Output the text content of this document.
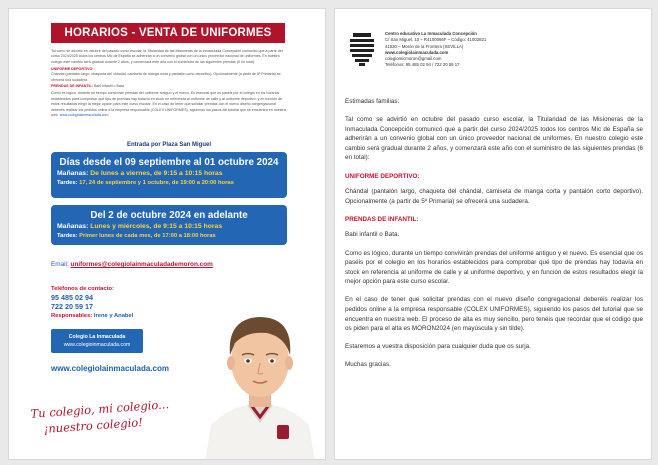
HORARIOS - VENTA DE UNIFORMES

Tal como se advirtió en octubre del pasado curso escolar, la Titularidad de las Misioneras de la Inmaculada Concepción comunicó que a partir del curso 2024/2025 todos los centros Mic de España se adherirán a un convenio global con un único proveedor nacional de uniformes. En nuestro colegio este cambio será gradual durante 2 años, y comenzará este año con el suministro de las siguientes prendas (6 en total):

UNIFORME DEPORTIVO:
Chándal (pantalón largo, chaqueta del chándal, camiseta de manga corta y pantalón corto deportivo). Opcionalmente (a partir de 5º Primaria) se ofrecerá una sudadera.

PRENDAS DE INFANTIL: Babi infantil o Bata.

Como es lógico, durante un tiempo convivirán prendas del uniforme antiguo y el nuevo. Es esencial que os paséis por el colegio en los horarios establecidos para comprobar qué tipo de prendas hay todavía en stock en referencia al uniforme de calle y al uniforme deportivo, y en función de estos resultados elegir la mejor opción para este curso escolar. En el caso de tener que solicitar prendas con el nuevo diseño congregacional deberéis realizar los pedidos online a la empresa responsable (COLEX UNIFORMES), siguiendo los pasos del tutorial que se encuentra en nuestra web. www.colegiolainmaculada.com

Entrada por Plaza San Miguel
Días desde el 09 septiembre al 01 octubre 2024
Mañanas: De lunes a viernes, de 9:15 a 10:15 horas
Tardes: 17, 24 de septiembre y 1 octubre, de 19:00 a 20:00 horas
Del 2 de octubre 2024 en adelante
Mañanas: Lunes y miércoles, de 9:15 a 10:15 horas
Tardes: Primer lunes de cada mes, de 17:00 a 18:00 horas
Email: uniformes@colegiolainmaculadademoron.com
Teléfonos de contacto:
95 485 02 94
722 20 59 17
Responsables: Irene y Anabel
Colegio La Inmaculada
www.colegioinmaculada.com
www.colegiolainmaculada.com
Tu colegio, mi colegio...
¡nuestro colegio!
Centro educativo La Inmaculada Concepción
C/ San Miguel, 10 – R4100066F – Código: 41002821
41530 – Morón de la Frontera (SEVILLA)
www.colegiolainmaculada.com
colegiomicmoron@gmail.com
Teléfonos: 95 485 02 94 / 722 20 59 17

Estimadas familias:

Tal como se advirtió en octubre del pasado curso escolar, la Titularidad de las Misioneras de la Inmaculada Concepción comunicó que a partir del curso 2024/2025 todos los centros Mic de España se adherirán a un convenio global con un único proveedor nacional de uniformes. En nuestro colegio este cambio será gradual durante 2 años, y comenzará este año con el suministro de las siguientes prendas (6 en total):

UNIFORME DEPORTIVO:

Chándal (pantalón largo, chaqueta del chándal, camiseta de manga corta y pantalón corto deportivo). Opcionalmente (a partir de 5º Primaria) se ofrecerá una sudadera.

PRENDAS DE INFANTIL:

Babi infantil o Bata.

Como es lógico, durante un tiempo convivirán prendas del uniforme antiguo y el nuevo. Es esencial que os paséis por el colegio en los horarios establecidos para comprobar qué tipo de prendas hay todavía en stock en referencia al uniforme de calle y al uniforme deportivo, y en función de estos resultados elegir la mejor opción para este curso escolar.

En el caso de tener que solicitar prendas con el nuevo diseño congregacional deberéis realizar los pedidos online a la empresa responsable (COLEX UNIFORMES), siguiendo los pasos del tutorial que se encuentra en nuestra web. El proceso de alta es muy sencillo, pero tenéis que recordar que el código que os piden para el alta es MORON2024 (en mayúscula y sin tilde).

Estaremos a vuestra disposición para cualquier duda que os surja.

Muchas gracias.
